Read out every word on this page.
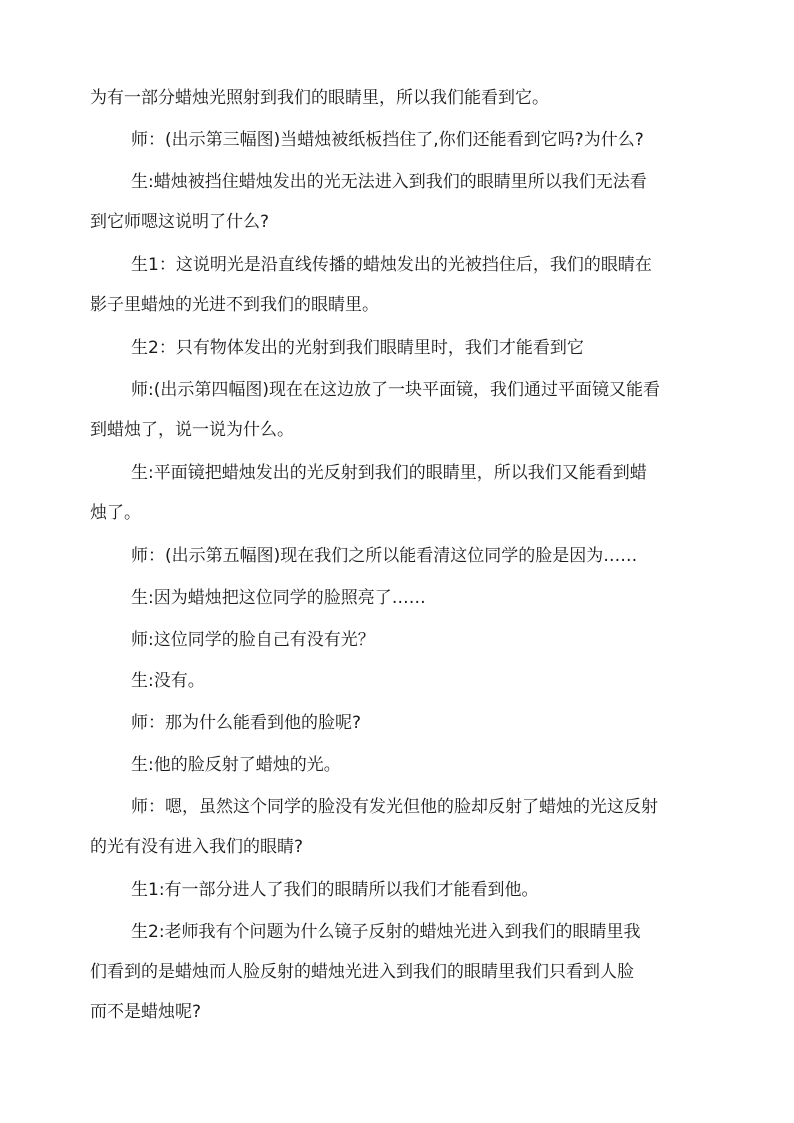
为有一部分蜡烛光照射到我们的眼睛里，所以我们能看到它。

师：(出示第三幅图)当蜡烛被纸板挡住了,你们还能看到它吗?为什么?

生:蜡烛被挡住蜡烛发出的光无法进入到我们的眼睛里所以我们无法看
到它师嗯这说明了什么?

生1：这说明光是沿直线传播的蜡烛发出的光被挡住后，我们的眼睛在
影子里蜡烛的光进不到我们的眼睛里。

生2：只有物体发出的光射到我们眼睛里时，我们才能看到它

师:(出示第四幅图)现在在这边放了一块平面镜，我们通过平面镜又能看
到蜡烛了，说一说为什么。

生:平面镜把蜡烛发出的光反射到我们的眼睛里，所以我们又能看到蜡
烛了。

师：(出示第五幅图)现在我们之所以能看清这位同学的脸是因为……

生:因为蜡烛把这位同学的脸照亮了……

师:这位同学的脸自己有没有光？

生:没有。

师：那为什么能看到他的脸呢?

生:他的脸反射了蜡烛的光。

师：嗯，虽然这个同学的脸没有发光但他的脸却反射了蜡烛的光这反射
的光有没有进入我们的眼睛?

生1:有一部分进人了我们的眼睛所以我们才能看到他。

生2:老师我有个问题为什么镜子反射的蜡烛光进入到我们的眼睛里我
们看到的是蜡烛而人脸反射的蜡烛光进入到我们的眼睛里我们只看到人脸
而不是蜡烛呢?
